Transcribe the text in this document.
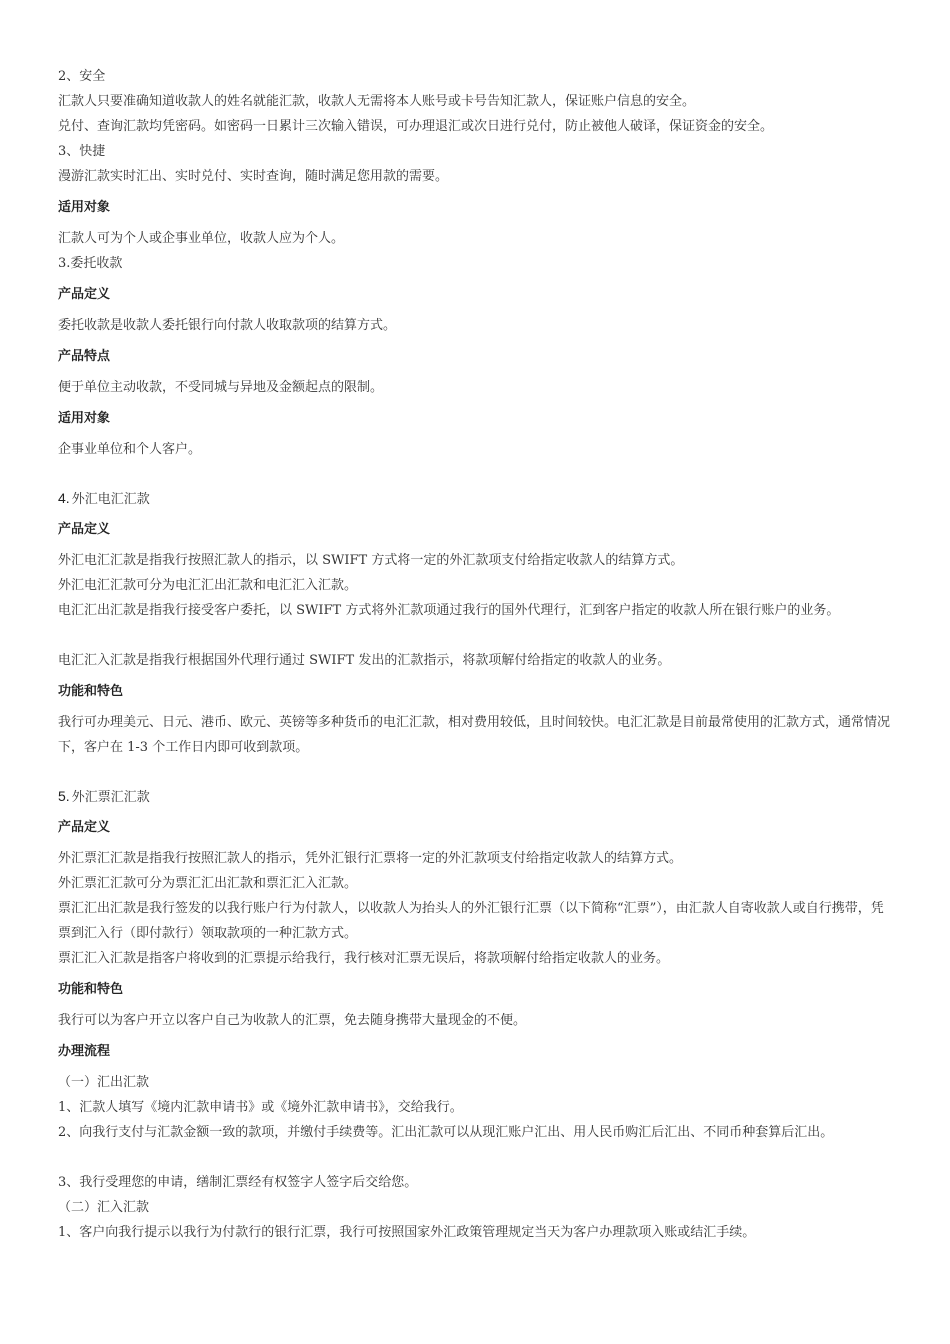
2、安全
汇款人只要准确知道收款人的姓名就能汇款，收款人无需将本人账号或卡号告知汇款人，保证账户信息的安全。
兑付、查询汇款均凭密码。如密码一日累计三次输入错误，可办理退汇或次日进行兑付，防止被他人破译，保证资金的安全。
3、快捷
漫游汇款实时汇出、实时兑付、实时查询，随时满足您用款的需要。
适用对象
汇款人可为个人或企事业单位，收款人应为个人。
3.委托收款
产品定义
委托收款是收款人委托银行向付款人收取款项的结算方式。
产品特点
便于单位主动收款，不受同城与异地及金额起点的限制。
适用对象
企事业单位和个人客户。
4. 外汇电汇汇款
产品定义
外汇电汇汇款是指我行按照汇款人的指示，以 SWIFT 方式将一定的外汇款项支付给指定收款人的结算方式。
外汇电汇汇款可分为电汇汇出汇款和电汇汇入汇款。
电汇汇出汇款是指我行接受客户委托，以 SWIFT 方式将外汇款项通过我行的国外代理行，汇到客户指定的收款人所在银行账户的业务。
电汇汇入汇款是指我行根据国外代理行通过 SWIFT 发出的汇款指示，将款项解付给指定的收款人的业务。
功能和特色
我行可办理美元、日元、港币、欧元、英镑等多种货币的电汇汇款，相对费用较低，且时间较快。电汇汇款是目前最常使用的汇款方式，通常情况下，客户在 1-3 个工作日内即可收到款项。
5. 外汇票汇汇款
产品定义
外汇票汇汇款是指我行按照汇款人的指示，凭外汇银行汇票将一定的外汇款项支付给指定收款人的结算方式。
外汇票汇汇款可分为票汇汇出汇款和票汇汇入汇款。
票汇汇出汇款是我行签发的以我行账户行为付款人，以收款人为抬头人的外汇银行汇票（以下简称“汇票”），由汇款人自寄收款人或自行携带，凭票到汇入行（即付款行）领取款项的一种汇款方式。
票汇汇入汇款是指客户将收到的汇票提示给我行，我行核对汇票无误后，将款项解付给指定收款人的业务。
功能和特色
我行可以为客户开立以客户自己为收款人的汇票，免去随身携带大量现金的不便。
办理流程
（一）汇出汇款
1、汇款人填写《境内汇款申请书》或《境外汇款申请书》，交给我行。
2、向我行支付与汇款金额一致的款项，并缴付手续费等。汇出汇款可以从现汇账户汇出、用人民币购汇后汇出、不同币种套算后汇出。
3、我行受理您的申请，缮制汇票经有权签字人签字后交给您。
（二）汇入汇款
1、客户向我行提示以我行为付款行的银行汇票，我行可按照国家外汇政策管理规定当天为客户办理款项入账或结汇手续。
